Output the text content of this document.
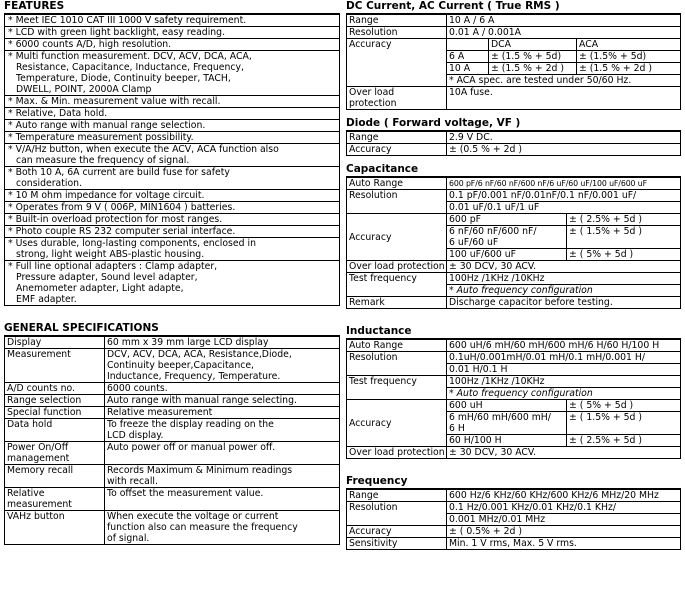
FEATURES
* Meet IEC 1010 CAT III 1000 V safety requirement.
* LCD with green light backlight, easy reading.
* 6000 counts A/D, high resolution.
* Multi function measurement. DCV, ACV, DCA, ACA,
Resistance, Capacitance, Inductance, Frequency,
Temperature, Diode, Continuity beeper, TACH,
DWELL, POINT, 2000A Clamp
* Max. & Min. measurement value with recall.
* Relative, Data hold.
* Auto range with manual range selection.
* Temperature measurement possibility.
* V/A/Hz button, when execute the ACV, ACA function also
can measure the frequency of signal.
* Both 10 A, 6A current are build fuse for safety
consideration.
* 10 M ohm impedance for voltage circuit.
* Operates from 9 V ( 006P, MIN1604 ) batteries.
* Built-in overload protection for most ranges.
* Photo couple RS 232 computer serial interface.
* Uses durable, long-lasting components, enclosed in
strong, light weight ABS-plastic housing.
* Full line optional adapters : Clamp adapter,
Pressure adapter, Sound level adapter,
Anemometer adapter, Light adapte,
EMF adapter.
GENERAL SPECIFICATIONS
Display	60 mm x 39 mm large LCD display
Measurement	DCV, ACV, DCA, ACA, Resistance,Diode,
Continuity beeper,Capacitance,
Inductance, Frequency, Temperature.
A/D counts no.	6000 counts.
Range selection	Auto range with manual range selecting.
Special function	Relative measurement
Data hold	To freeze the display reading on the
LCD display.
Power On/Off
management	Auto power off or manual power off.
Memory recall	Records Maximum & Minimum readings
with recall.
Relative
measurement	To offset the measurement value.
VAHz button	When execute the voltage or current
function also can measure the frequency
of signal.
DC Current, AC Current ( True RMS )
Range	10 A / 6 A		
Resolution	0.01 A / 0.001A		
Accuracy		DCA	ACA
	6 A	± (1.5 % + 5d)	± (1.5% + 5d)
	10 A	± (1.5 % + 2d )	± (1.5 % + 2d )
	* ACA spec. are tested under 50/60 Hz.		
Over load
protection	10A fuse.		
Diode ( Forward voltage, VF )
Range	2.9 V DC.
Accuracy	± (0.5 % + 2d )
Capacitance
Auto Range	600 pF/6 nF/60 nF/600 nF/6 uF/60 uF/100 uF/600 uF	
Resolution	0.1 pF/0.001 nF/0.01nF/0.1 nF/0.001 uF/	
	0.01 uF/0.1 uF/1 uF	
Accuracy	600 pF	± ( 2.5% + 5d )
	6 nF/60 nF/600 nF/
6 uF/60 uF	± ( 1.5% + 5d )
	100 uF/600 uF	± ( 5% + 5d )
Over load protection	± 30 DCV, 30 ACV.	
Test frequency	100Hz /1KHz /10KHz	
	* Auto frequency configuration	
Remark	Discharge capacitor before testing.	
Inductance
Auto Range	600 uH/6 mH/60 mH/600 mH/6 H/60 H/100 H	
Resolution	0.1uH/0.001mH/0.01 mH/0.1 mH/0.001 H/	
	0.01 H/0.1 H	
Test frequency	100Hz /1KHz /10KHz	
	* Auto frequency configuration	
Accuracy	600 uH	± ( 5% + 5d )
	6 mH/60 mH/600 mH/
6 H	± ( 1.5% + 5d )
	60 H/100 H	± ( 2.5% + 5d )
Over load protection	± 30 DCV, 30 ACV.	
Frequency
Range	600 Hz/6 KHz/60 KHz/600 KHz/6 MHz/20 MHz
Resolution	0.1 Hz/0.001 KHz/0.01 KHz/0.1 KHz/
	0.001 MHz/0.01 MHz
Accuracy	± ( 0.5% + 2d )
Sensitivity	Min. 1 V rms, Max. 5 V rms.
